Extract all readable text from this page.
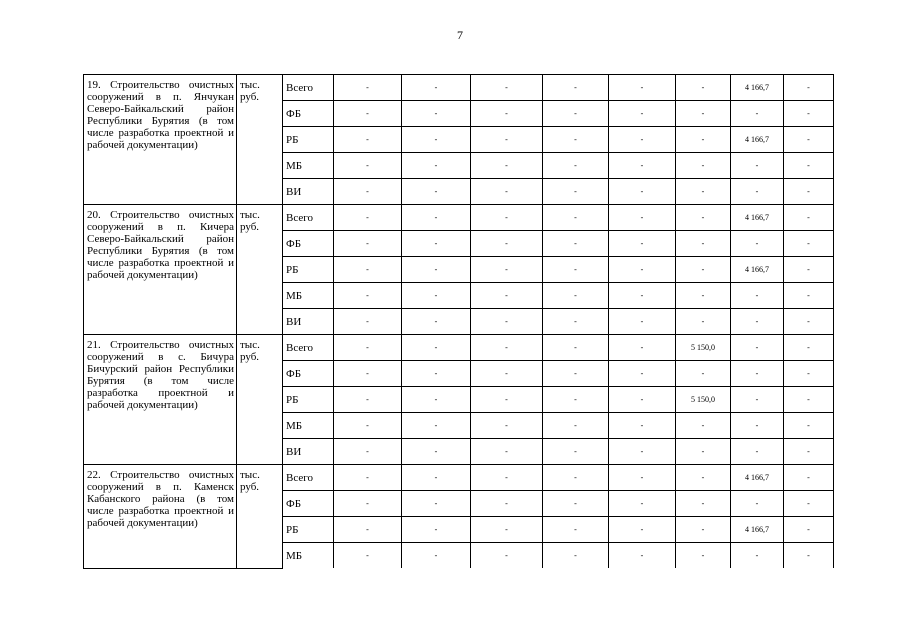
7
19. Строительство очистных сооружений в п. Янчукан Северо-Байкальский район Республики Бурятия (в том числе разработка проектной и рабочей документации)	тыс. руб.	Всего	-	-	-	-	-	-	4 166,7	-
		ФБ	-	-	-	-	-	-	-	-
		РБ	-	-	-	-	-	-	4 166,7	-
		МБ	-	-	-	-	-	-	-	-
		ВИ	-	-	-	-	-	-	-	-
20. Строительство очистных сооружений в п. Кичера Северо-Байкальский район Республики Бурятия (в том числе разработка проектной и рабочей документации)	тыс. руб.	Всего	-	-	-	-	-	-	4 166,7	-
		ФБ	-	-	-	-	-	-	-	-
		РБ	-	-	-	-	-	-	4 166,7	-
		МБ	-	-	-	-	-	-	-	-
		ВИ	-	-	-	-	-	-	-	-
21. Строительство очистных сооружений в с. Бичура Бичурский район Республики Бурятия (в том числе разработка проектной и рабочей документации)	тыс. руб.	Всего	-	-	-	-	-	5 150,0	-	-
		ФБ	-	-	-	-	-	-	-	-
		РБ	-	-	-	-	-	5 150,0	-	-
		МБ	-	-	-	-	-	-	-	-
		ВИ	-	-	-	-	-	-	-	-
22. Строительство очистных сооружений в п. Каменск Кабанского района (в том числе разработка проектной и рабочей документации)	тыс. руб.	Всего	-	-	-	-	-	-	4 166,7	-
		ФБ	-	-	-	-	-	-	-	-
		РБ	-	-	-	-	-	-	4 166,7	-
		МБ	-	-	-	-	-	-	-	-
